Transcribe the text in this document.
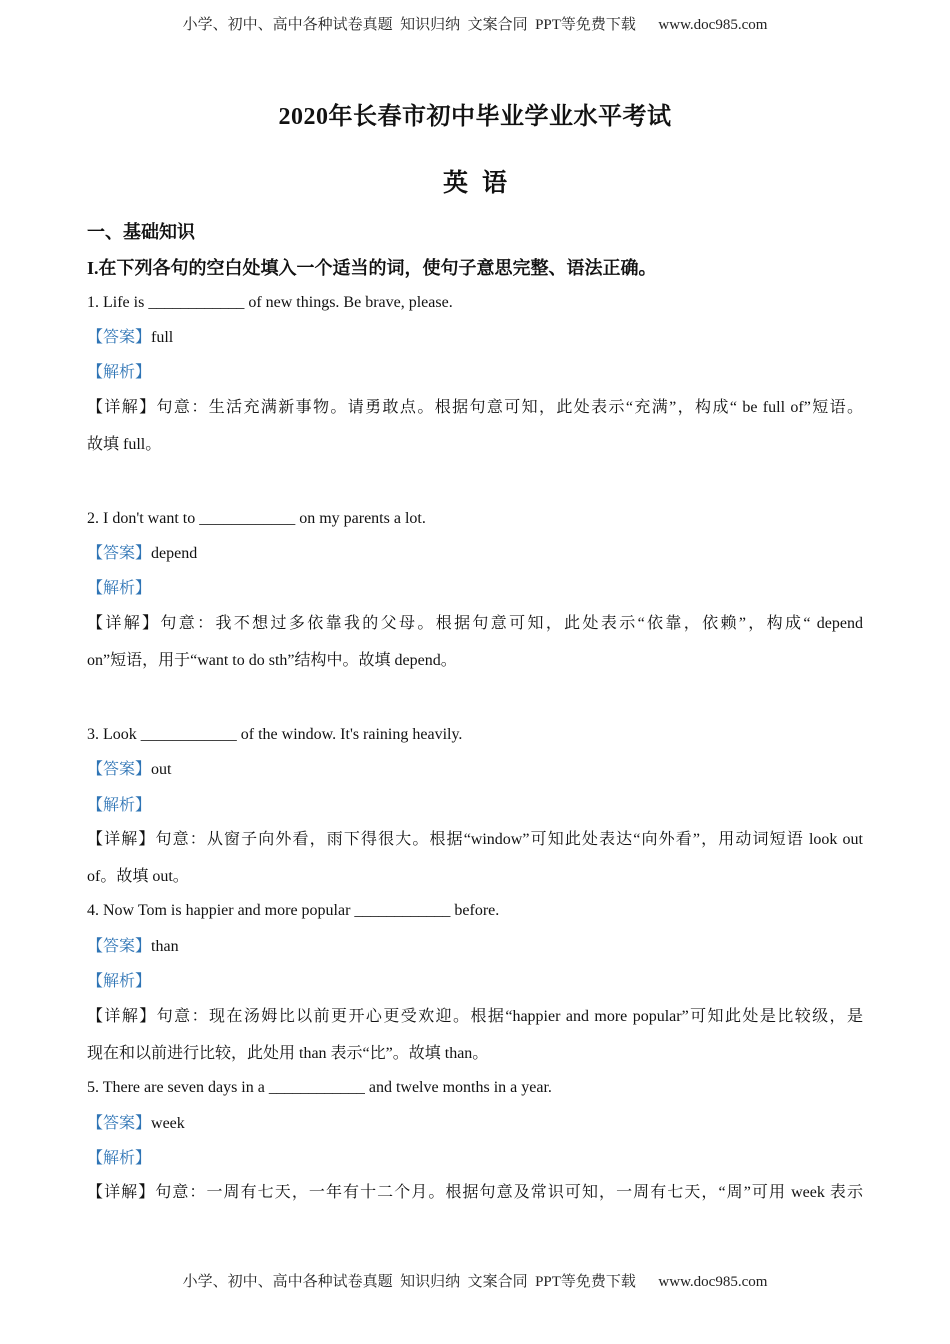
小学、初中、高中各种试卷真题  知识归纳  文案合同  PPT等免费下载      www.doc985.com
2020年长春市初中毕业学业水平考试
英语
一、基础知识
I.在下列各句的空白处填入一个适当的词，使句子意思完整、语法正确。
1. Life is ____________ of new things. Be brave, please.
【答案】full
【解析】
【详解】句意：生活充满新事物。请勇敢点。根据句意可知，此处表示“充满”，构成“ be full of”短语。
故填 full。
2. I don't want to ____________ on my parents a lot.
【答案】depend
【解析】
【详解】句意：我不想过多依靠我的父母。根据句意可知，此处表示“依靠，依赖”，构成“ depend
on”短语，用于“want to do sth”结构中。故填 depend。
3. Look ____________ of the window. It's raining heavily.
【答案】out
【解析】
【详解】句意：从窗子向外看，雨下得很大。根据“window”可知此处表达“向外看”，用动词短语 look out
of。故填 out。
4. Now Tom is happier and more popular ____________ before.
【答案】than
【解析】
【详解】句意：现在汤姆比以前更开心更受欢迎。根据“happier and more popular”可知此处是比较级，是
现在和以前进行比较，此处用 than 表示“比”。故填 than。
5. There are seven days in a ____________ and twelve months in a year.
【答案】week
【解析】
【详解】句意：一周有七天，一年有十二个月。根据句意及常识可知，一周有七天，“周”可用 week 表示
小学、初中、高中各种试卷真题  知识归纳  文案合同  PPT等免费下载      www.doc985.com
